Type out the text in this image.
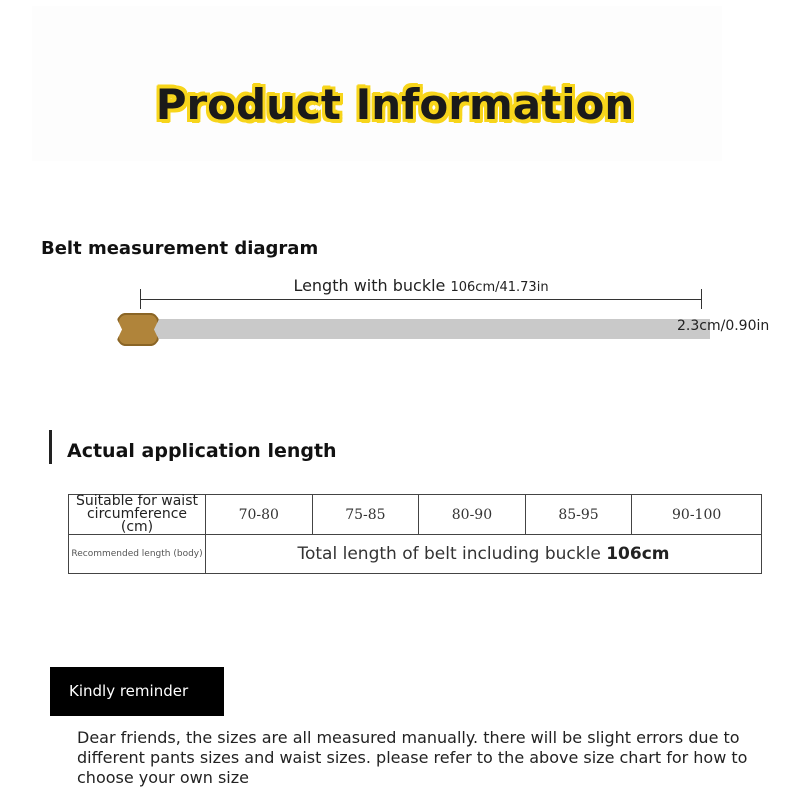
Product Information
Belt measurement diagram
Length with buckle 106cm/41.73in
2.3cm/0.90in
Actual application length
Suitable for waist circumference (cm)	70-80	75-85	80-90	85-95	90-100
Recommended length (body)	Total length of belt including buckle 106cm				
Kindly reminder
Dear friends, the sizes are all measured manually. there will be slight errors due to different pants sizes and waist sizes. please refer to the above size chart for how to choose your own size
